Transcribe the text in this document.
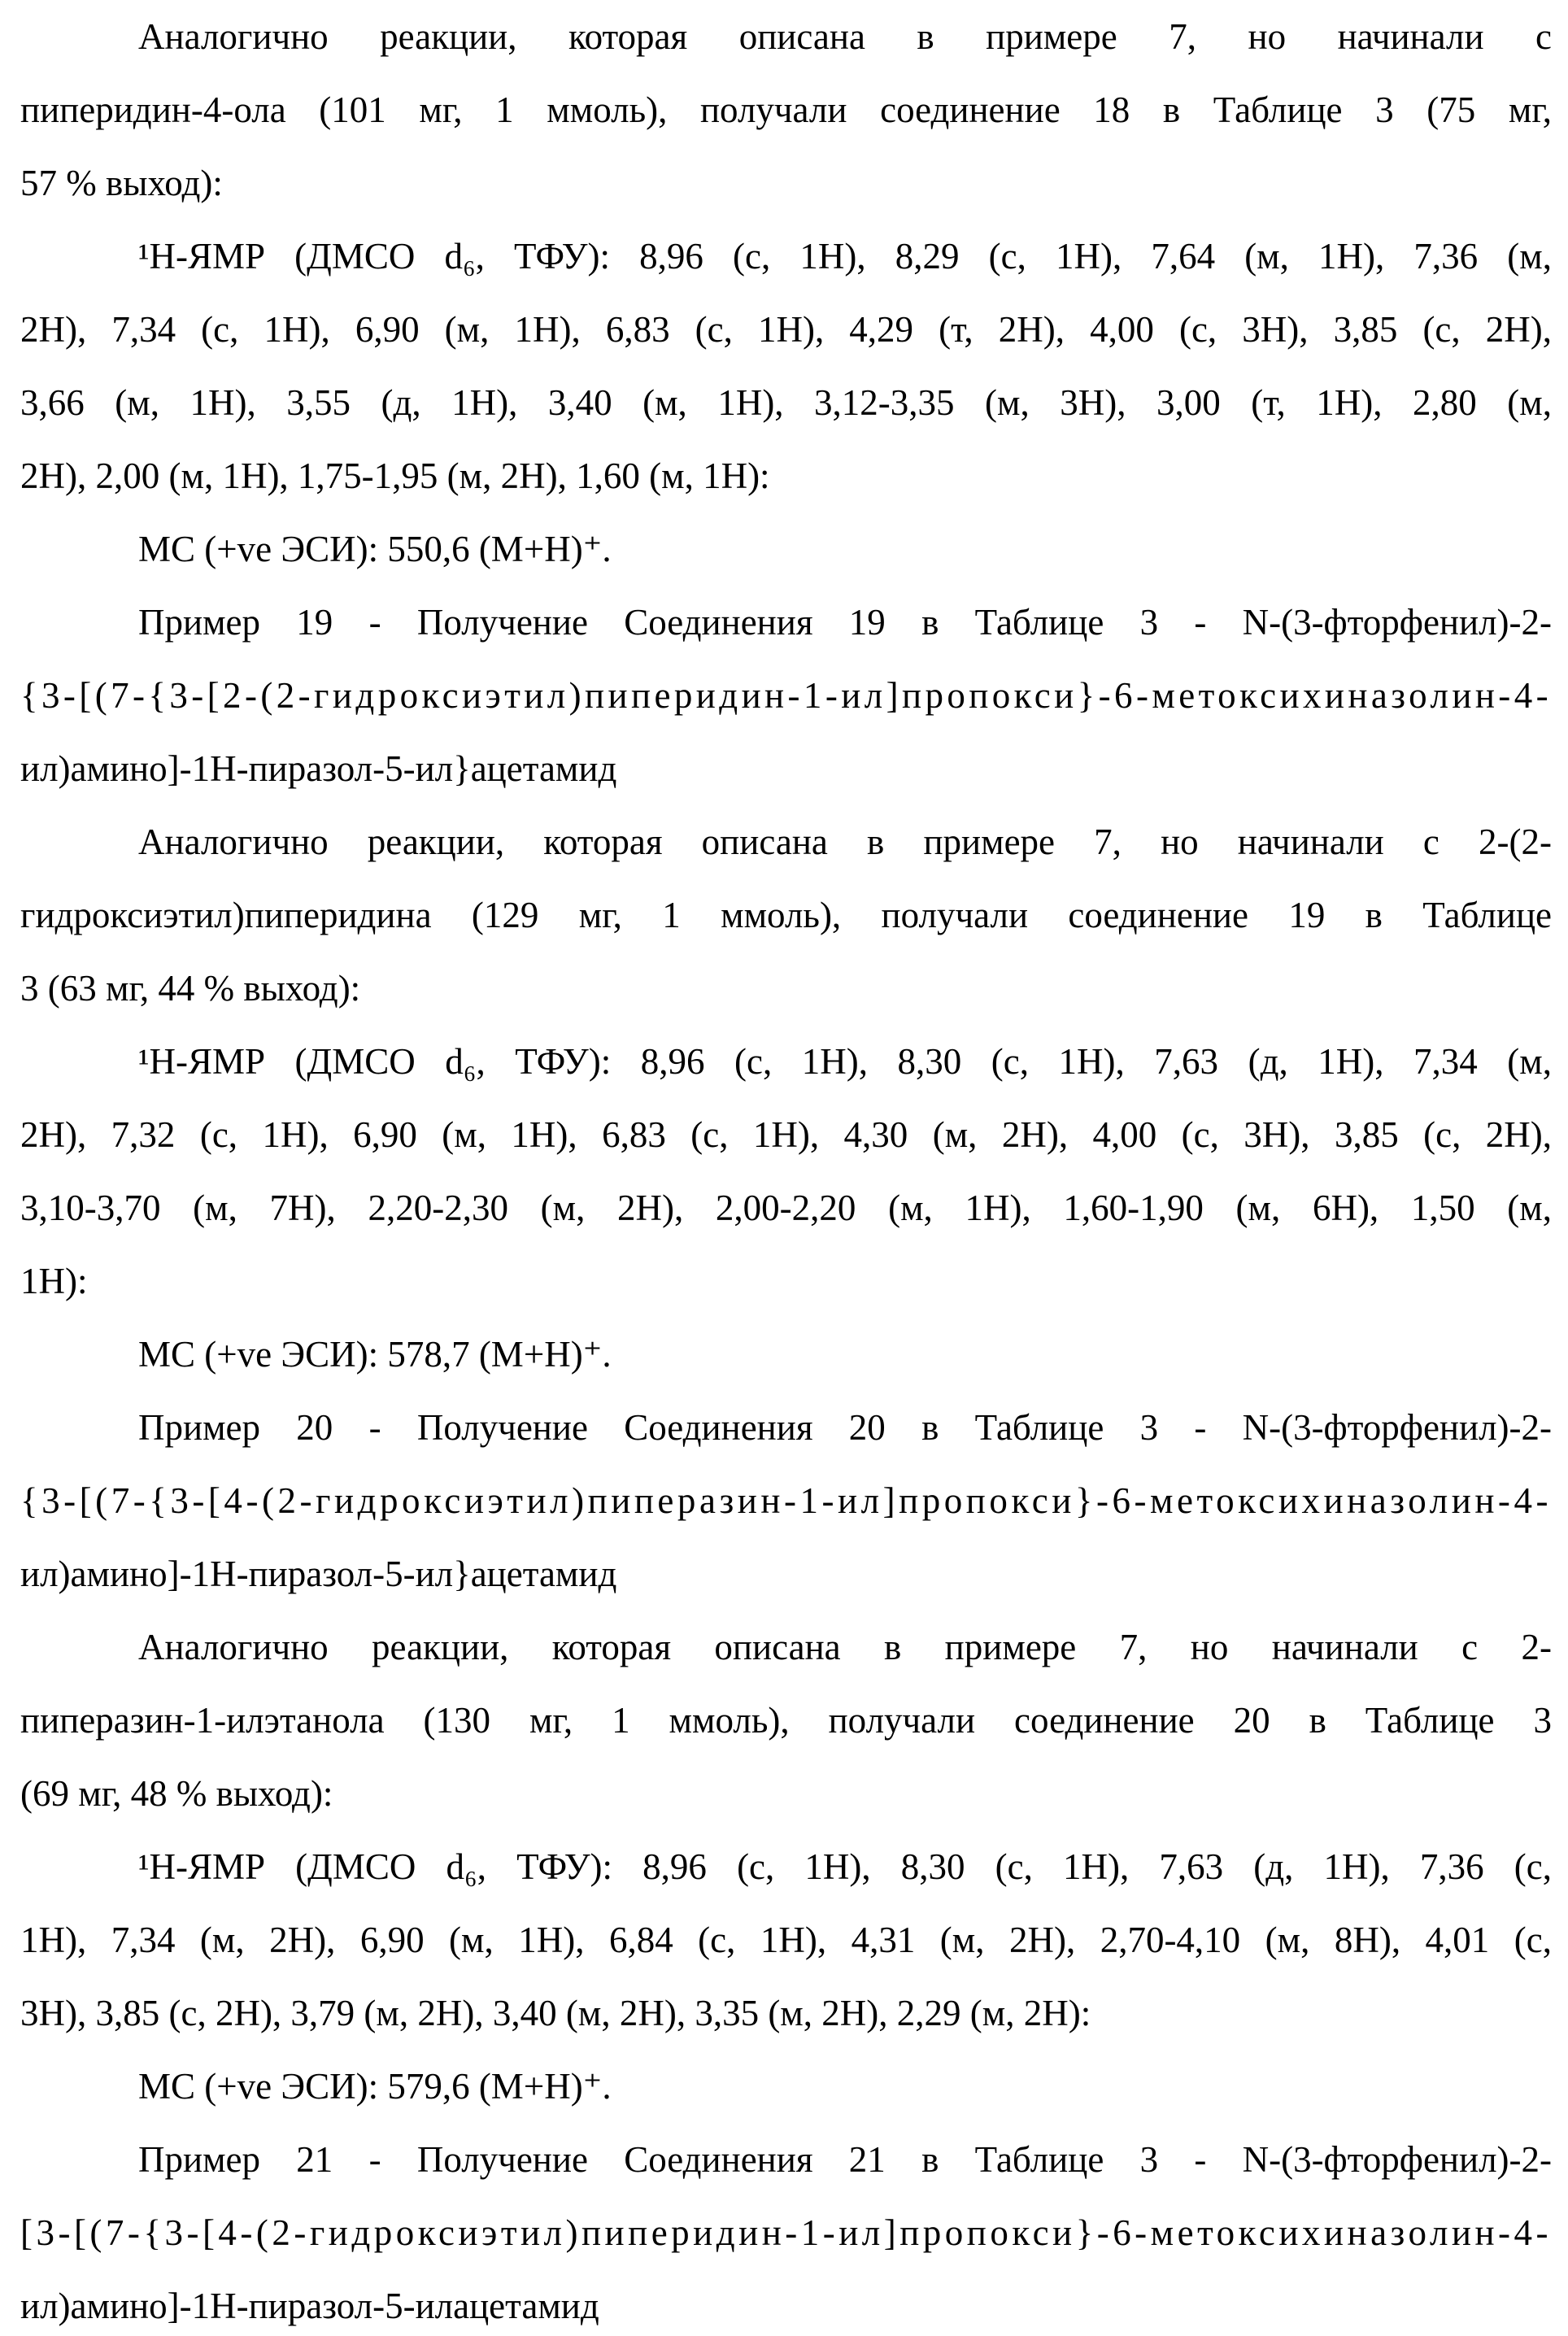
Аналогично реакции, которая описана в примере 7, но начинали с
пиперидин-4-ола (101 мг, 1 ммоль), получали соединение 18 в Таблице 3 (75 мг,
57 % выход):

¹Н-ЯМР (ДМСО d₆, ТФУ): 8,96 (с, 1Н), 8,29 (с, 1Н), 7,64 (м, 1Н), 7,36 (м,
2Н), 7,34 (с, 1Н), 6,90 (м, 1Н), 6,83 (с, 1Н), 4,29 (т, 2Н), 4,00 (с, 3Н), 3,85 (с, 2Н),
3,66 (м, 1Н), 3,55 (д, 1Н), 3,40 (м, 1Н), 3,12-3,35 (м, 3Н), 3,00 (т, 1Н), 2,80 (м,
2Н), 2,00 (м, 1Н), 1,75-1,95 (м, 2Н), 1,60 (м, 1Н):

МС (+ve ЭСИ): 550,6 (М+Н)⁺.

Пример 19 - Получение Соединения 19 в Таблице 3 - N-(3-фторфенил)-2-
{3-[(7-{3-[2-(2-гидроксиэтил)пиперидин-1-ил]пропокси}-6-метоксихиназолин-4-
ил)амино]-1Н-пиразол-5-ил}ацетамид

Аналогично реакции, которая описана в примере 7, но начинали с 2-(2-
гидроксиэтил)пиперидина (129 мг, 1 ммоль), получали соединение 19 в Таблице
3 (63 мг, 44 % выход):

¹Н-ЯМР (ДМСО d₆, ТФУ): 8,96 (с, 1Н), 8,30 (с, 1Н), 7,63 (д, 1Н), 7,34 (м,
2Н), 7,32 (с, 1Н), 6,90 (м, 1Н), 6,83 (с, 1Н), 4,30 (м, 2Н), 4,00 (с, 3Н), 3,85 (с, 2Н),
3,10-3,70 (м, 7Н), 2,20-2,30 (м, 2Н), 2,00-2,20 (м, 1Н), 1,60-1,90 (м, 6Н), 1,50 (м,
1Н):

МС (+ve ЭСИ): 578,7 (М+Н)⁺.

Пример 20 - Получение Соединения 20 в Таблице 3 - N-(3-фторфенил)-2-
{3-[(7-{3-[4-(2-гидроксиэтил)пиперазин-1-ил]пропокси}-6-метоксихиназолин-4-
ил)амино]-1Н-пиразол-5-ил}ацетамид

Аналогично реакции, которая описана в примере 7, но начинали с 2-
пиперазин-1-илэтанола (130 мг, 1 ммоль), получали соединение 20 в Таблице 3
(69 мг, 48 % выход):

¹Н-ЯМР (ДМСО d₆, ТФУ): 8,96 (с, 1Н), 8,30 (с, 1Н), 7,63 (д, 1Н), 7,36 (с,
1Н), 7,34 (м, 2Н), 6,90 (м, 1Н), 6,84 (с, 1Н), 4,31 (м, 2Н), 2,70-4,10 (м, 8Н), 4,01 (с,
3Н), 3,85 (с, 2Н), 3,79 (м, 2Н), 3,40 (м, 2Н), 3,35 (м, 2Н), 2,29 (м, 2Н):

МС (+ve ЭСИ): 579,6 (М+Н)⁺.

Пример 21 - Получение Соединения 21 в Таблице 3 - N-(3-фторфенил)-2-
[3-[(7-{3-[4-(2-гидроксиэтил)пиперидин-1-ил]пропокси}-6-метоксихиназолин-4-
ил)амино]-1Н-пиразол-5-илацетамид
